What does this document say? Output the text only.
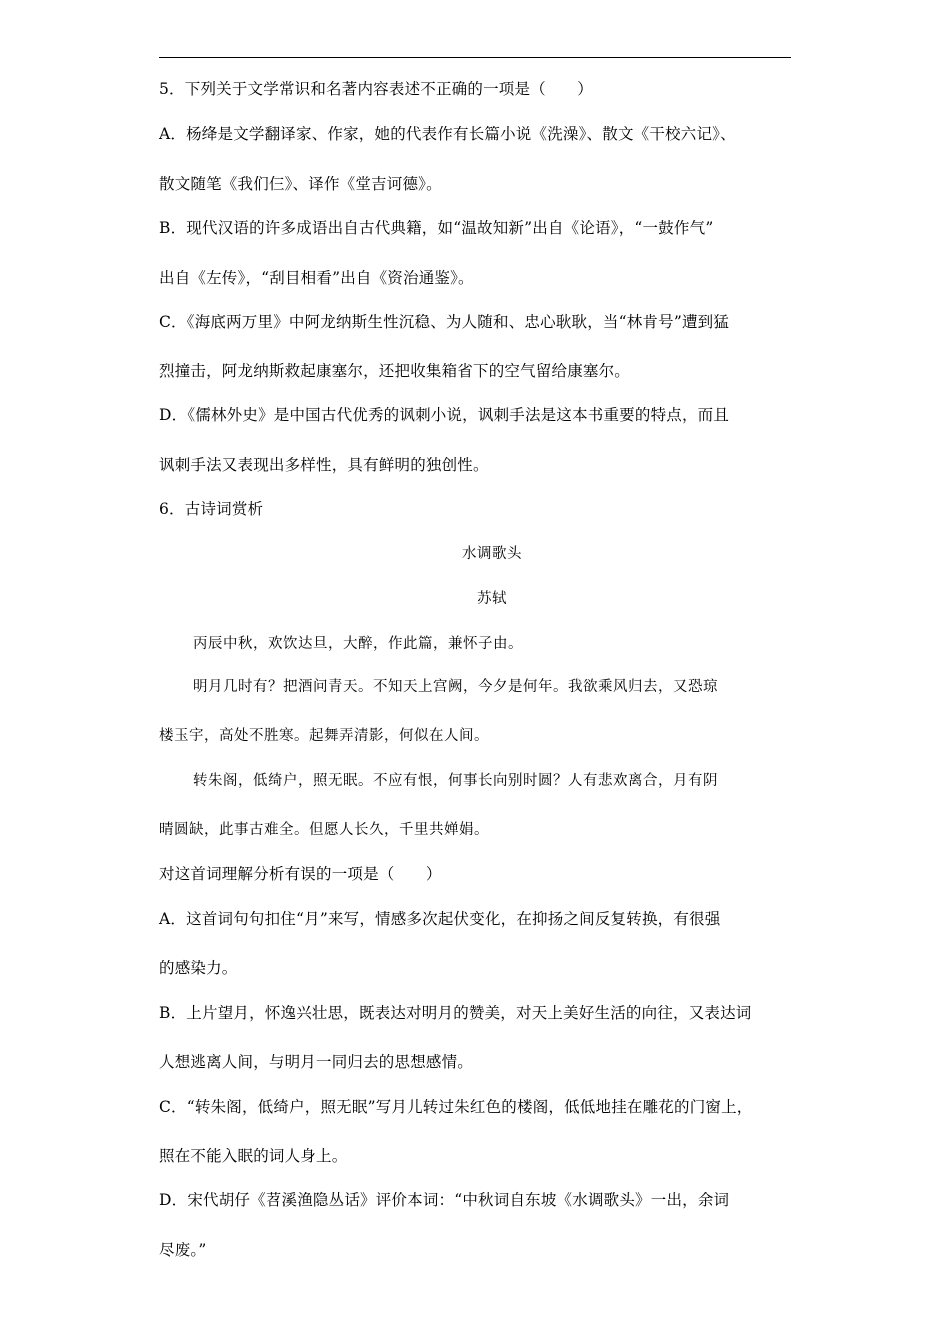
5．下列关于文学常识和名著内容表述不正确的一项是（　　）
A．杨绛是文学翻译家、作家，她的代表作有长篇小说《洗澡》、散文《干校六记》、
散文随笔《我们仨》、译作《堂吉诃德》。
B．现代汉语的许多成语出自古代典籍，如“温故知新”出自《论语》，“一鼓作气”
出自《左传》，“刮目相看”出自《资治通鉴》。
C．《海底两万里》中阿龙纳斯生性沉稳、为人随和、忠心耿耿，当“林肯号”遭到猛
烈撞击，阿龙纳斯救起康塞尔，还把收集箱省下的空气留给康塞尔。
D．《儒林外史》是中国古代优秀的讽刺小说，讽刺手法是这本书重要的特点，而且
讽刺手法又表现出多样性，具有鲜明的独创性。
6．古诗词赏析
水调歌头
苏轼
丙辰中秋，欢饮达旦，大醉，作此篇，兼怀子由。
明月几时有？把酒问青天。不知天上宫阙，今夕是何年。我欲乘风归去，又恐琼
楼玉宇，高处不胜寒。起舞弄清影，何似在人间。
转朱阁，低绮户，照无眠。不应有恨，何事长向别时圆？人有悲欢离合，月有阴
晴圆缺，此事古难全。但愿人长久，千里共婵娟。
对这首词理解分析有误的一项是（　　）
A．这首词句句扣住“月”来写，情感多次起伏变化，在抑扬之间反复转换，有很强
的感染力。
B．上片望月，怀逸兴壮思，既表达对明月的赞美，对天上美好生活的向往，又表达词
人想逃离人间，与明月一同归去的思想感情。
C．“转朱阁，低绮户，照无眠”写月儿转过朱红色的楼阁，低低地挂在雕花的门窗上，
照在不能入眠的词人身上。
D．宋代胡仔《苕溪渔隐丛话》评价本词：“中秋词自东坡《水调歌头》一出，余词
尽废。”
